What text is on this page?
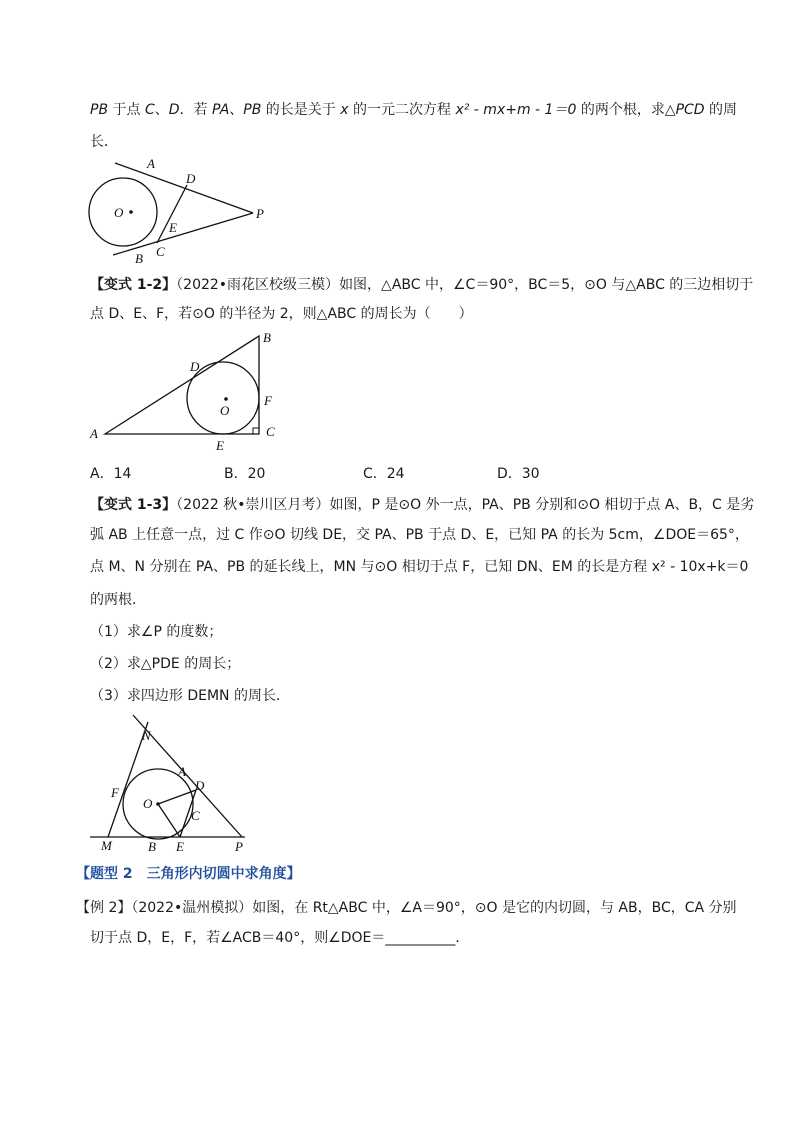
PB 于点 C、D．若 PA、PB 的长是关于 x 的一元二次方程 x² - mx+m - 1＝0 的两个根，求△PCD 的周
长．
A
D
O	P
E
C
B
【变式 1-2】（2022•雨花区校级三模）如图，△ABC 中，∠C＝90°，BC＝5，⊙O 与△ABC 的三边相切于
点 D、E、F，若⊙O 的半径为 2，则△ABC 的周长为（　　）
A
B
C
D
E
F
O
A．14	B．20	C．24	D．30
【变式 1-3】（2022 秋•崇川区月考）如图，P 是⊙O 外一点，PA、PB 分别和⊙O 相切于点 A、B，C 是劣
弧 AB 上任意一点，过 C 作⊙O 切线 DE，交 PA、PB 于点 D、E，已知 PA 的长为 5cm，∠DOE＝65°，
点 M、N 分别在 PA、PB 的延长线上，MN 与⊙O 相切于点 F，已知 DN、EM 的长是方程 x² - 10x+k＝0
的两根．
（1）求∠P 的度数；
（2）求△PDE 的周长；
（3）求四边形 DEMN 的周长．
N
A
D
F
O
C
M	B E	P
【题型 2　三角形内切圆中求角度】
【例 2】（2022•温州模拟）如图，在 Rt△ABC 中，∠A＝90°，⊙O 是它的内切圆，与 AB，BC，CA 分别
切于点 D，E，F，若∠ACB＝40°，则∠DOE＝__________．
